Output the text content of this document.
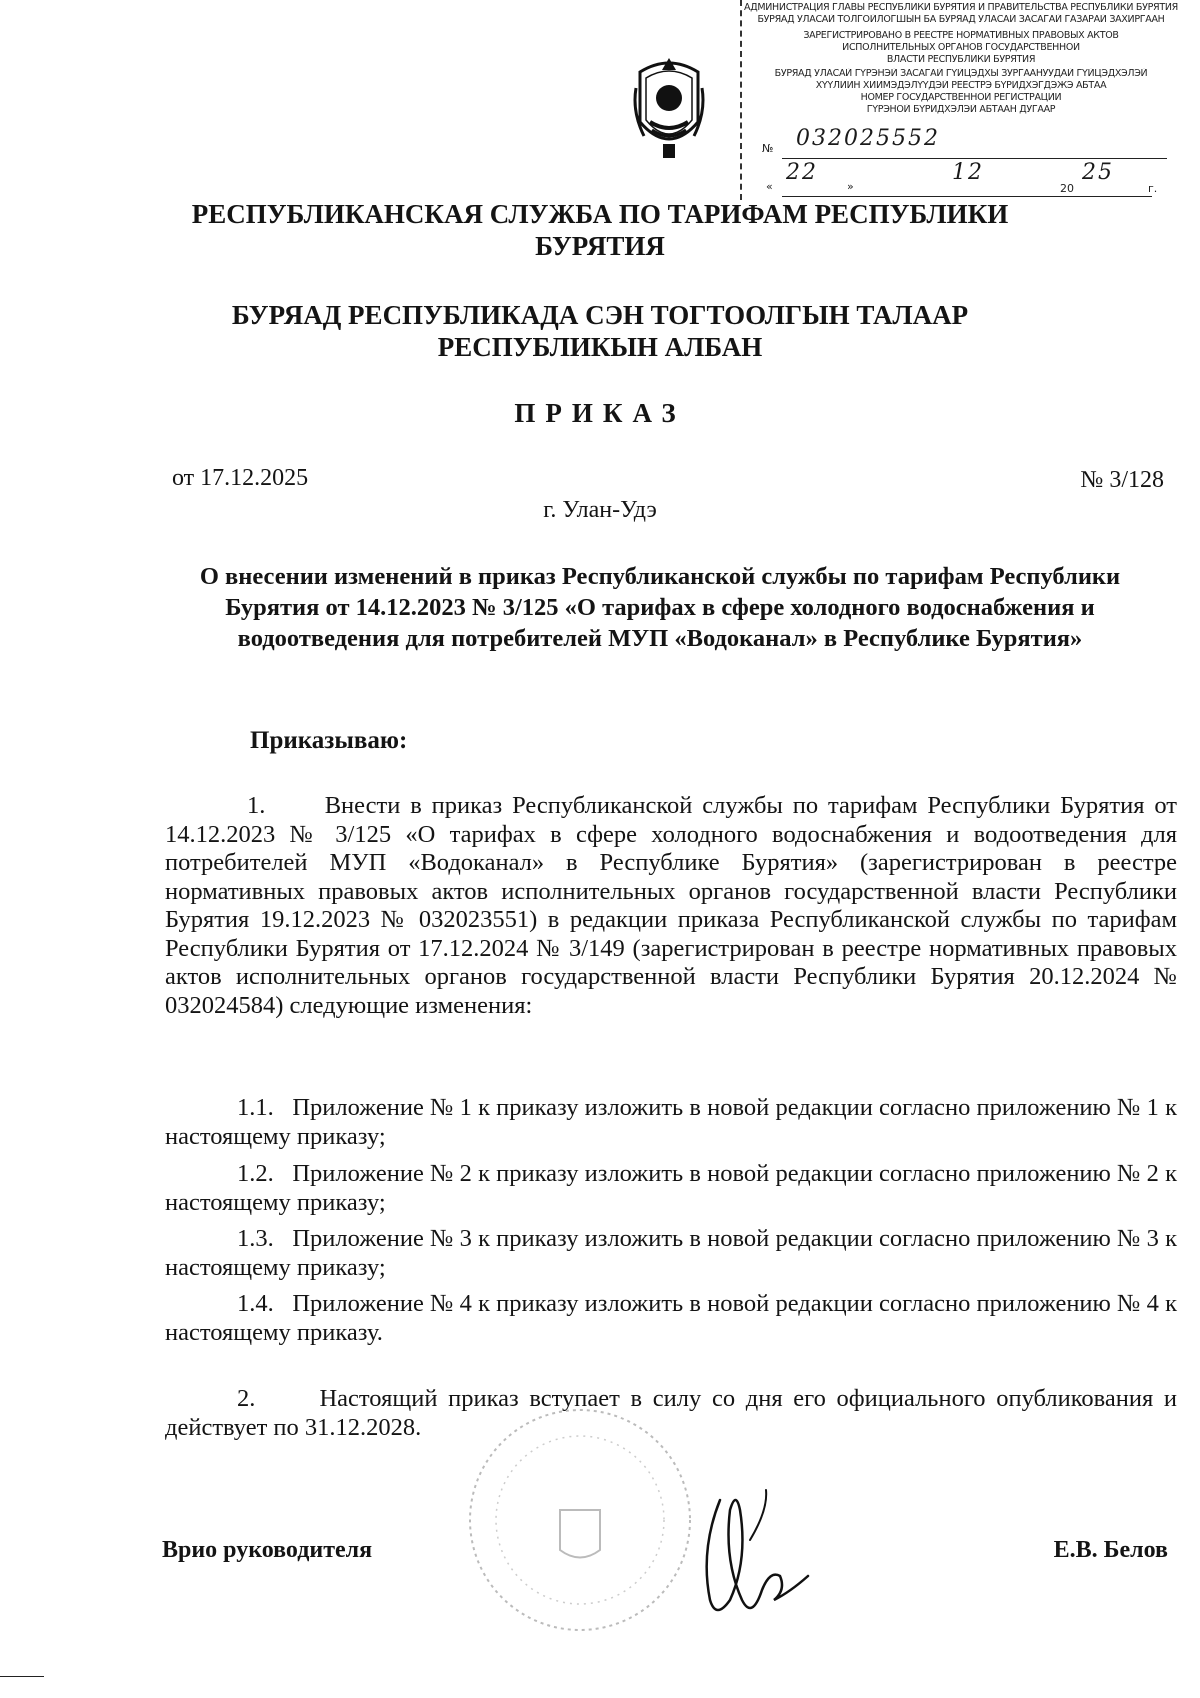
АДМИНИСТРАЦИЯ ГЛАВЫ РЕСПУБЛИКИ БУРЯТИЯ И ПРАВИТЕЛЬСТВА РЕСПУБЛИКИ БУРЯТИЯ
БУРЯАД УЛАСАЙ ТОЛГОЙЛОГШЫН БА БУРЯАД УЛАСАЙ ЗАСАГАЙ ГАЗАРАЙ ЗАХИРГААН
ЗАРЕГИСТРИРОВАНО В РЕЕСТРЕ НОРМАТИВНЫХ ПРАВОВЫХ АКТОВ
ИСПОЛНИТЕЛЬНЫХ ОРГАНОВ ГОСУДАРСТВЕННОЙ
ВЛАСТИ РЕСПУБЛИКИ БУРЯТИЯ
БУРЯАД УЛАСАЙ ГҮРЭНЭЙ ЗАСАГАЙ ГҮЙЦЭДХЫ ЗУРГААНУУДАЙ ГҮЙЦЭДХЭЛЭЙ
ХҮҮЛИИН ХИИМЭДЭЛҮҮДЭЙ РЕЕСТРЭ БҮРИДХЭГДЭЖЭ АБТАА
НОМЕР ГОСУДАРСТВЕННОЙ РЕГИСТРАЦИИ
ГҮРЭНОЙ БҮРИДХЭЛЭЙ АБТААН ДУГААР
№ 032025552
«
22
»
12
20
25
г.
РЕСПУБЛИКАНСКАЯ СЛУЖБА ПО ТАРИФАМ РЕСПУБЛИКИ БУРЯТИЯ
БУРЯАД РЕСПУБЛИКАДА СЭН ТОГТООЛГЫН ТАЛААР
РЕСПУБЛИКЫН АЛБАН
ПРИКАЗ
от 17.12.2025	№ 3/128
г. Улан-Удэ
О внесении изменений в приказ Республиканской службы по тарифам Республики Бурятия от 14.12.2023 № 3/125 «О тарифах в сфере холодного водоснабжения и водоотведения для потребителей МУП «Водоканал» в Республике Бурятия»
Приказываю:
1. Внести в приказ Республиканской службы по тарифам Республики Бурятия от 14.12.2023 № 3/125 «О тарифах в сфере холодного водоснабжения и водоотведения для потребителей МУП «Водоканал» в Республике Бурятия» (зарегистрирован в реестре нормативных правовых актов исполнительных органов государственной власти Республики Бурятия 19.12.2023 № 032023551) в редакции приказа Республиканской службы по тарифам Республики Бурятия от 17.12.2024 № 3/149 (зарегистрирован в реестре нормативных правовых актов исполнительных органов государственной власти Республики Бурятия 20.12.2024 № 032024584) следующие изменения:
1.1. Приложение № 1 к приказу изложить в новой редакции согласно приложению № 1 к настоящему приказу;
1.2. Приложение № 2 к приказу изложить в новой редакции согласно приложению № 2 к настоящему приказу;
1.3. Приложение № 3 к приказу изложить в новой редакции согласно приложению № 3 к настоящему приказу;
1.4. Приложение № 4 к приказу изложить в новой редакции согласно приложению № 4 к настоящему приказу.
2.	Настоящий приказ вступает в силу со дня его официального опубликования и действует по 31.12.2028.
Врио руководителя	Е.В. Белов
